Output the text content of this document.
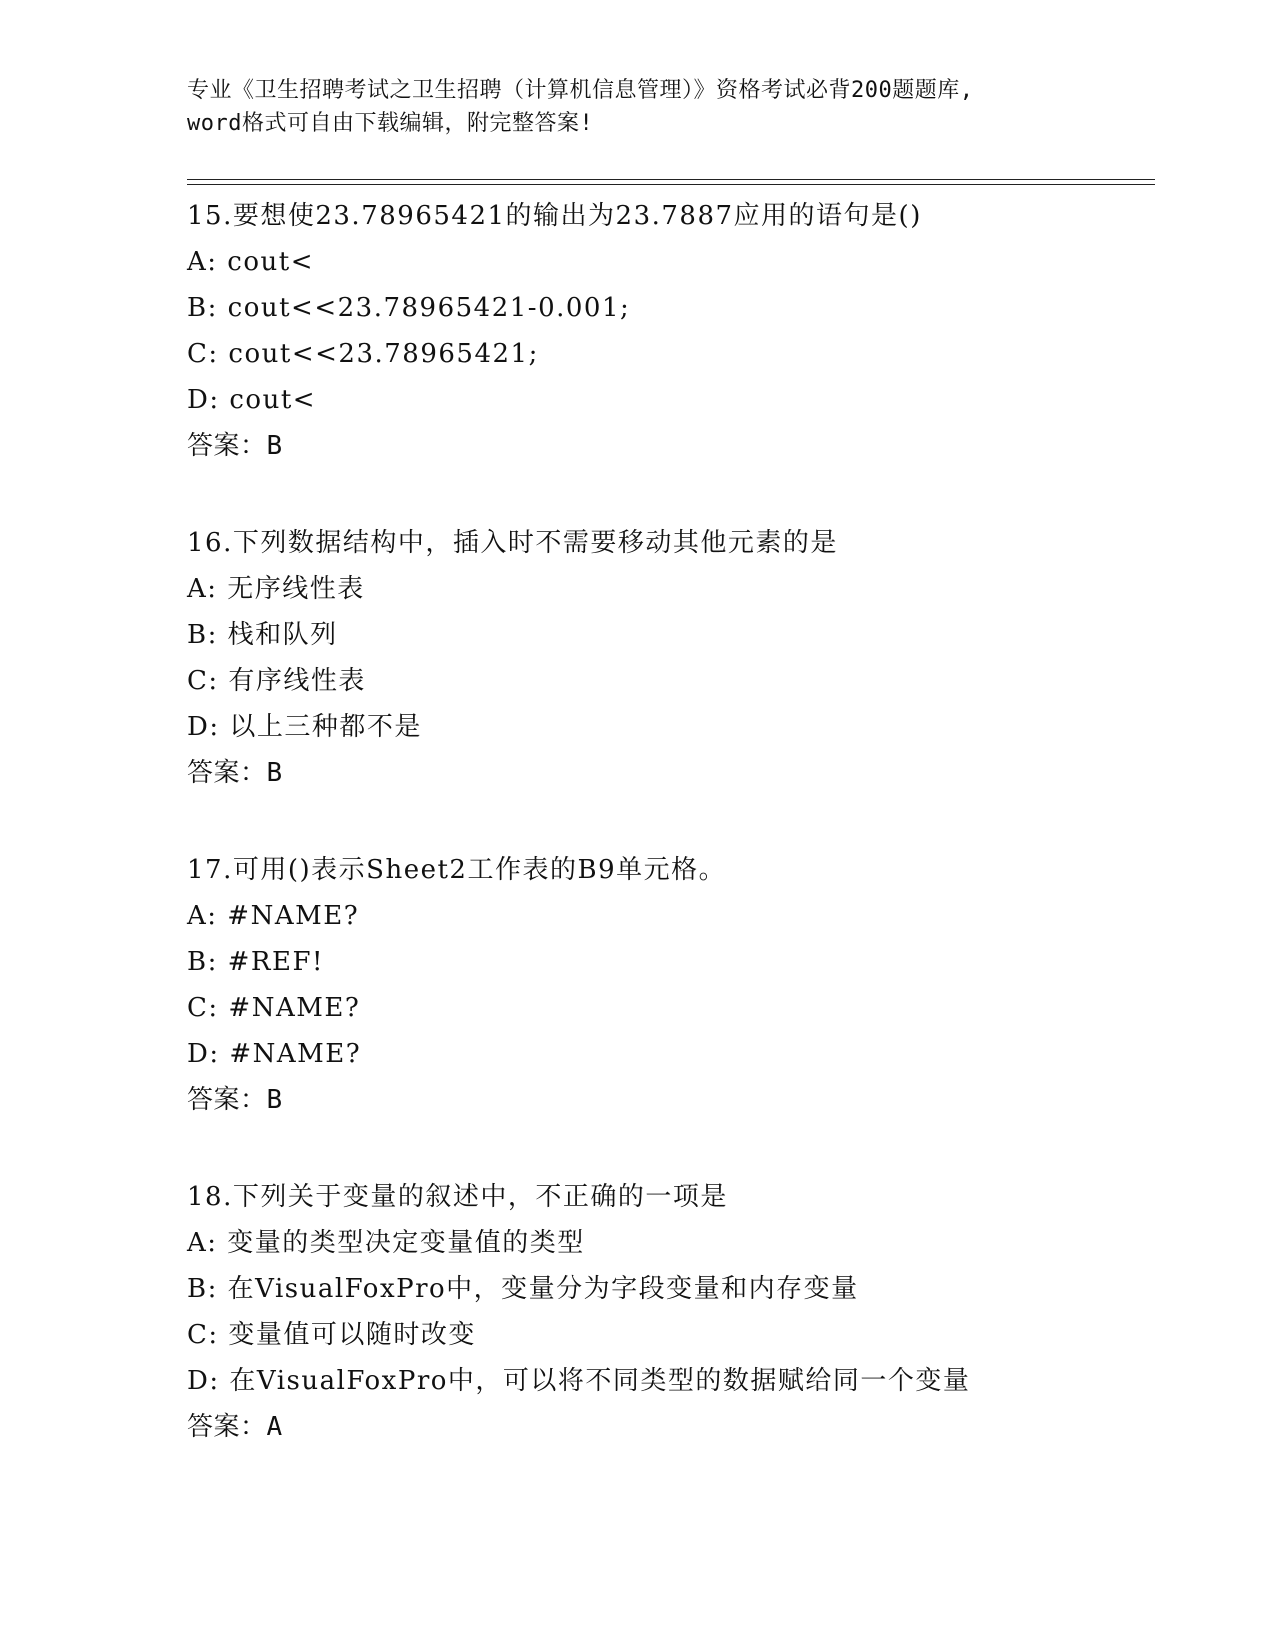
专业《卫生招聘考试之卫生招聘（计算机信息管理）》资格考试必背200题题库,
word格式可自由下载编辑，附完整答案!
15.要想使23.78965421的输出为23.7887应用的语句是()
A: cout<
B: cout<<23.78965421-0.001;
C: cout<<23.78965421;
D: cout<
答案：B
16.下列数据结构中，插入时不需要移动其他元素的是
A: 无序线性表
B: 栈和队列
C: 有序线性表
D: 以上三种都不是
答案：B
17.可用()表示Sheet2工作表的B9单元格。
A: #NAME?
B: #REF!
C: #NAME?
D: #NAME?
答案：B
18.下列关于变量的叙述中，不正确的一项是
A: 变量的类型决定变量值的类型
B: 在VisualFoxPro中，变量分为字段变量和内存变量
C: 变量值可以随时改变
D: 在VisualFoxPro中，可以将不同类型的数据赋给同一个变量
答案：A
